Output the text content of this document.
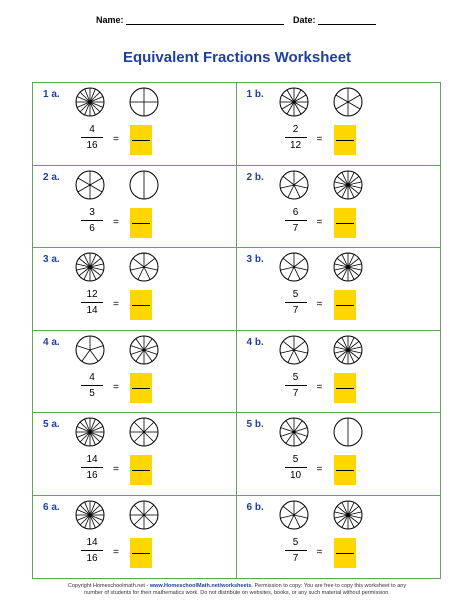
Name:	Date:
Equivalent Fractions Worksheet
1 a.
4
16
=
1 b.
2
12
=
2 a.
3
6
=
2 b.
6
7
=
3 a.
12
14
=
3 b.
5
7
=
4 a.
4
5
=
4 b.
5
7
=
5 a.
14
16
=
5 b.
5
10
=
6 a.
14
16
=
6 b.
5
7
=
Copyright Homeschoolmath.net - www.HomeschoolMath.net/worksheets. Permission to copy: You are free to copy this worksheet to any
number of students for their mathematics work. Do not distribute on websites, books, or any such material without permission.
